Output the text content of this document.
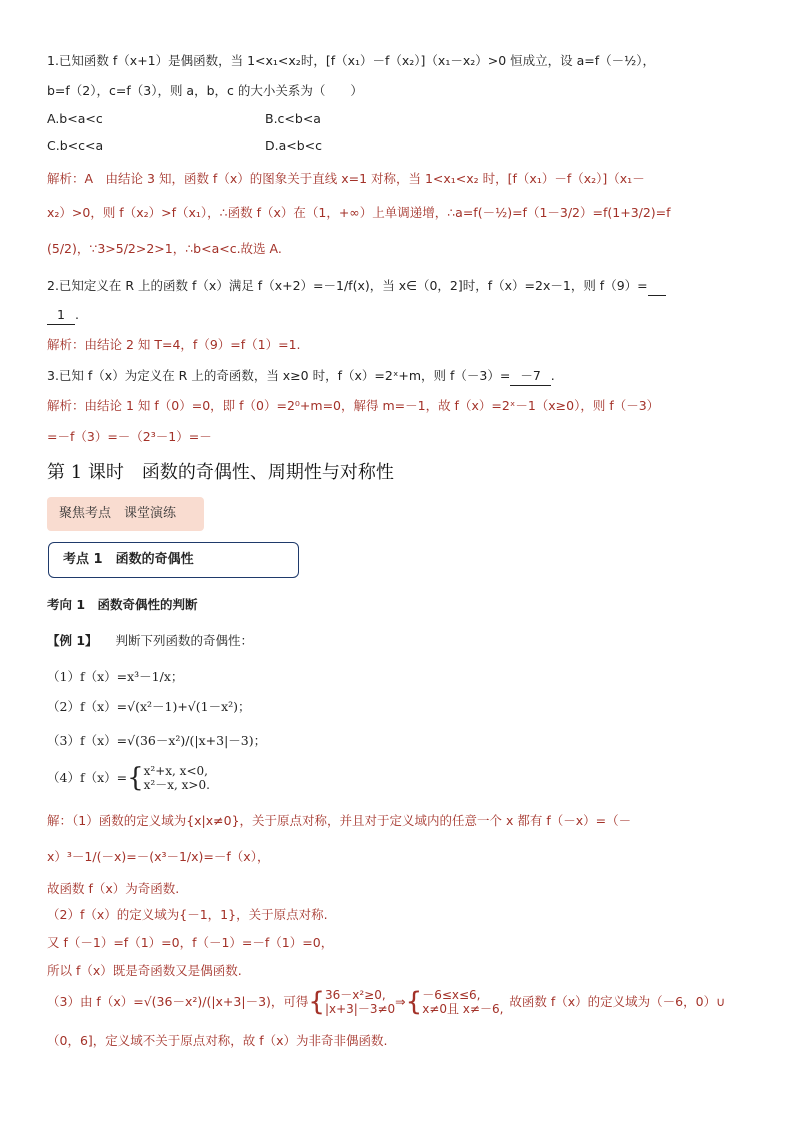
1.已知函数 f（x+1）是偶函数，当 1<x₁<x₂时，[f（x₁）－f（x₂）]（x₁－x₂）>0 恒成立，设 a=f（－½），
b=f（2），c=f（3），则 a，b，c 的大小关系为（　　）
A.b<a<c	B.c<b<a
C.b<c<a	D.a<b<c
解析：A　由结论 3 知，函数 f（x）的图象关于直线 x=1 对称，当 1<x₁<x₂ 时，[f（x₁）－f（x₂）]（x₁－
x₂）>0，则 f（x₂）>f（x₁），∴函数 f（x）在（1，+∞）上单调递增，∴a=f(－½)=f（1－3/2）=f(1+3/2)=f
(5/2)，∵3>5/2>2>1，∴b<a<c.故选 A.
2.已知定义在 R 上的函数 f（x）满足 f（x+2）=－1/f(x)，当 x∈（0，2]时，f（x）=2x－1，则 f（9）=
1 .
解析：由结论 2 知 T=4，f（9）=f（1）=1.
3.已知 f（x）为定义在 R 上的奇函数，当 x≥0 时，f（x）=2ˣ+m，则 f（－3）= －7 .
解析：由结论 1 知 f（0）=0，即 f（0）=2⁰+m=0，解得 m=－1，故 f（x）=2ˣ－1（x≥0），则 f（－3）
=－f（3）=－（2³－1）=－
第 1 课时　函数的奇偶性、周期性与对称性
聚焦考点　课堂演练
考点 1　函数的奇偶性
考向 1　函数奇偶性的判断
【例 1】 判断下列函数的奇偶性：
（1）f（x）=x³－1/x；
（2）f（x）=√(x²－1)+√(1－x²)；
（3）f（x）=√(36－x²)/(|x+3|－3)；
（4）f（x）={x²+x, x<0,
x²－x, x>0.
解：（1）函数的定义域为{x|x≠0}，关于原点对称，并且对于定义域内的任意一个 x 都有 f（－x）=（－
x）³－1/(－x)=－(x³－1/x)=－f（x），
故函数 f（x）为奇函数.
（2）f（x）的定义域为{－1，1}，关于原点对称.
又 f（－1）=f（1）=0，f（－1）=－f（1）=0，
所以 f（x）既是奇函数又是偶函数.
（3）由 f（x）=√(36－x²)/(|x+3|－3)，可得{36－x²≥0,
|x+3|－3≠0⇒{－6≤x≤6,
x≠0且 x≠－6, 故函数 f（x）的定义域为（－6，0）∪
（0，6]，定义域不关于原点对称，故 f（x）为非奇非偶函数.
